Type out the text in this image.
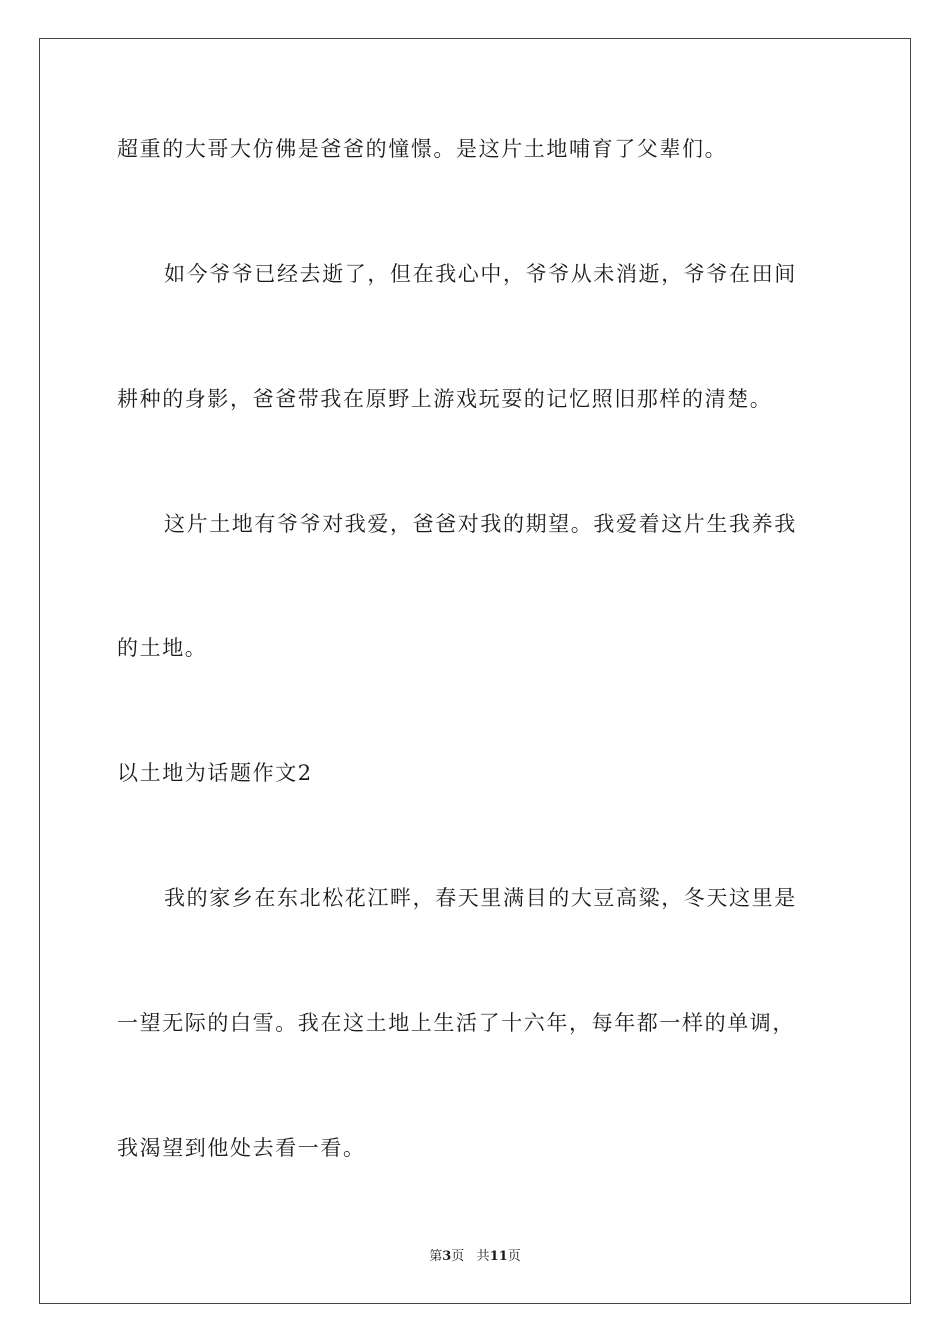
超重的大哥大仿佛是爸爸的憧憬。是这片土地哺育了父辈们。
如今爷爷已经去逝了，但在我心中，爷爷从未消逝，爷爷在田间
耕种的身影，爸爸带我在原野上游戏玩耍的记忆照旧那样的清楚。
这片土地有爷爷对我爱，爸爸对我的期望。我爱着这片生我养我
的土地。
以土地为话题作文2
我的家乡在东北松花江畔，春天里满目的大豆高粱，冬天这里是
一望无际的白雪。我在这土地上生活了十六年，每年都一样的单调，
我渴望到他处去看一看。
第3页 共11页
